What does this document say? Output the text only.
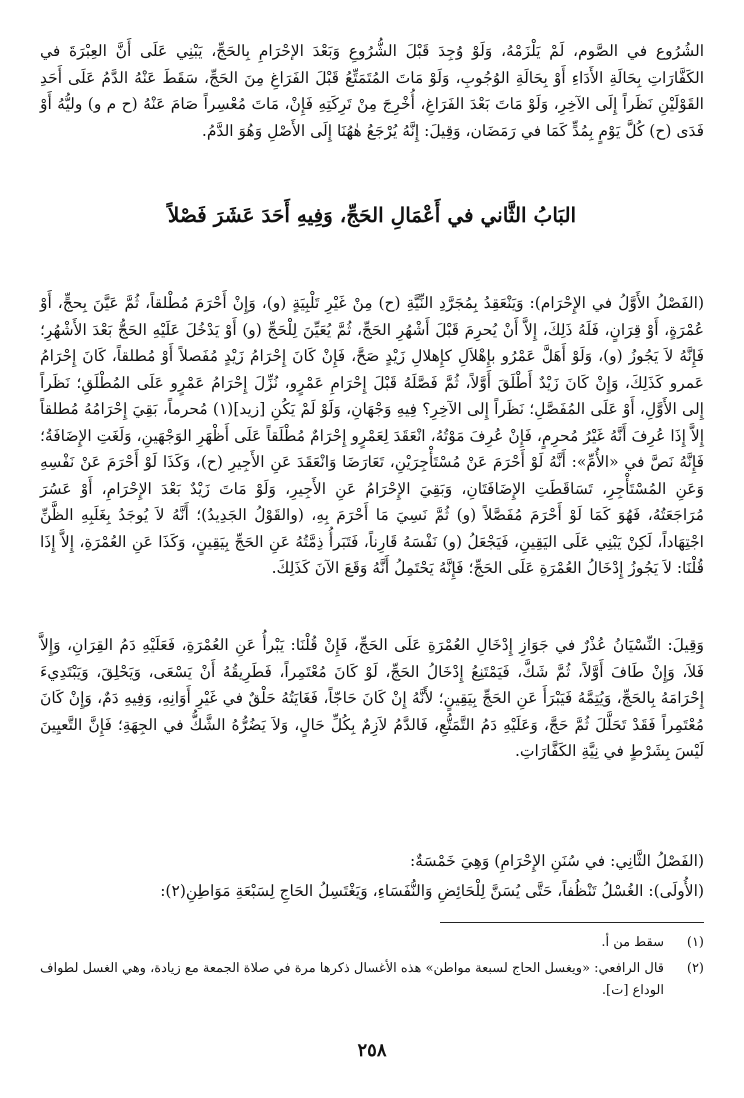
الشُرُوع في الصَّوم، لَمْ يَلْزَمْهُ، وَلَوْ وُجِدَ قَبْلَ الشُّرُوعِ وَبَعْدَ الإحْرَامِ بِالحَجِّ، يَبْنِي عَلَى أَنَّ العِبْرَةَ في الكَفَّارَاتِ بِحَالَةِ الأَدَاءِ أَوْ بِحَالَةِ الوُجُوبِ، وَلَوْ مَاتَ المُتَمَتِّعُ قَبْلَ الفَرَاغِ مِنَ الحَجِّ، سَقَطَ عَنْهُ الدَّمُ عَلَى أَحَدِ القَوْلَيْنِ نَظَراً إِلَى الآخِرِ، وَلَوْ مَاتَ بَعْدَ الفَرَاغِ، أُخْرِجَ مِنْ تَرِكَتِهِ فَإِنْ، مَاتَ مُعْسِراً صَامَ عَنْهُ (ح م و) وليُّهُ أَوْ فَدَى (ح) كُلَّ يَوْمٍ بِمُدٍّ كَمَا في رَمَضَان، وَقِيلَ: إِنَّهُ يُرْجَعُ هٰهُنَا إِلَى الأَصْلِ وَهُوَ الدَّمُ.

البَابُ الثَّاني في أَعْمَالِ الحَجِّ، وَفِيهِ أَحَدَ عَشَرَ فَصْلاً

(الفَصْلُ الأَوَّلُ في الإِحْرَام): وَيَنْعَقِدُ بِمُجَرَّدِ النِّيَّةِ (ح) مِنْ غَيْرِ تَلْبِيَةٍ (و)، وَإِنْ أَحْرَمَ مُطْلقاً، ثُمَّ عَيَّنَ بِحجٍّ، أَوْ عُمْرَةٍ، أَوْ قِرَانٍ، فَلَهُ ذَلِكَ، إِلاَّ أَنْ يُحرِمَ قَبْلَ أَشْهُرِ الحَجِّ، ثُمَّ يُعَيِّنَ لِلْحَجِّ (و) أَوْ يَدْخُلَ عَلَيْهِ الحَجُّ بَعْدَ الأَشْهُرِ؛ فَإِنَّهُ لاَ يَجُوزُ (و)، وَلَوْ أَهَلَّ عَمْرُو بإِهْلاَلِ كإِهلالِ زَيْدٍ صَحَّ، فَإِنْ كَانَ إِحْرَامُ زَيْدٍ مُفَصلاً أَوْ مُطلقاً، كَانَ إِحْرَامُ عَمرو كَذَلِكَ، وَإِنْ كَانَ زَيْدٌ أَطْلَقَ أَوَّلاً، ثُمَّ فَصَّلَهُ قَبْلَ إِحْرَامِ عَمْرٍو، نُزِّلَ إِحْرَامُ عَمْرٍو عَلَى المُطْلَقِ؛ نَظَراً إِلى الأَوَّلِ، أَوْ عَلَى المُفَصَّلِ؛ نَظَراً إِلى الآخِرِ؟ فِيهِ وَجْهَانِ، وَلَوْ لَمْ يَكُنِ [زيد](١) مُحرماً، بَقِيَ إِحْرَامُهُ مُطلقاً إِلاَّ إِذَا عُرِفَ أَنَّهُ غَيْرُ مُحرِمٍ، فَإِنْ عُرِفَ مَوْتُهُ، انْعَقَدَ لِعَمْرٍو إِحْرَامٌ مُطْلَقاً عَلَى أَظْهَرِ الوَجْهَينِ، وَلَغَتِ الإِضَافَةُ؛ فَإِنَّهُ نَصَّ في «الأُمِّ»: أَنَّهُ لَوْ أَحْرَمَ عَنْ مُسْتَأْجِرَيْنِ، تَعَارَضَا وَانْعَقَدَ عَنِ الأَجِيرِ (ح)، وَكَذَا لَوْ أَحْرَمَ عَنْ نَفْسِهِ وَعَنِ المُسْتَأْجِرِ، تَسَاقَطَتِ الإِضَافَتَانِ، وَبَقِيَ الإِحْرَامُ عَنِ الأَجِيرِ، وَلَوْ مَاتَ زَيْدٌ بَعْدَ الإِحْرَامِ، أَوْ عَسُرَ مُرَاجَعَتُهُ، فَهُوَ كَمَا لَوْ أَحْرَمَ مُفَصَّلاً (و) ثُمَّ نَسِيَ مَا أَحْرَمَ بِهِ، (والقَوْلُ الجَدِيدُ)؛ أَنَّهُ لاَ يُوجَدُ بِغَلَبِهِ الظَّنِّ اجْتِهَاداً، لَكِنْ يَبْنِي عَلَى اليَقِينِ، فَيَجْعَلُ (و) نَفْسَهُ قَارِناً، فَتَبَرأُ ذِمَّتُهُ عَنِ الحَجِّ بِيَقِينٍ، وَكَذَا عَنِ العُمْرَةِ، إِلاَّ إِذَا قُلْنَا: لاَ يَجُوزُ إِدْخَالُ العُمْرَةِ عَلَى الحَجِّ؛ فَإِنَّهُ يَحْتَمِلُ أَنَّهُ وَقَعَ الآنَ كَذَلِكَ.

وَقِيلَ: النِّسْيَانُ عُذْرٌ في جَوَازِ إِدْخَالِ العُمْرَةِ عَلَى الحَجِّ، فَإِنْ قُلْنَا: يَبْرأُ عَنِ العُمْرَةِ، فَعَلَيْهِ دَمُ القِرَانِ، وَإِلاَّ فَلاَ، وَإِنْ طَافَ أَوَّلاً، ثُمَّ شَكَّ، فَيَمْتَنِعُ إِدْخَالُ الحَجِّ، لَوْ كَانَ مُعْتَمِراً، فَطَرِيقُهُ أَنْ يَسْعَى، وَيَحْلِقَ، وَيَبْتَدِيءَ إِحْرَامَهُ بِالحَجِّ، وَيُتِمَّهُ فَيَبْرَأَ عَنِ الحَجِّ بِيَقِينٍ؛ لأَنَّهُ إِنْ كَانَ حَاجّاً، فَغَايَتُهُ حَلْقٌ في غَيْرِ أَوَانِهِ، وَفِيهِ دَمٌ، وَإِنْ كَانَ مُعْتَمِراً فَقَدْ تَحَلَّلَ ثُمَّ حَجَّ، وَعَلَيْهِ دَمُ التَّمَتُّعِ، فَالدَّمُ لاَزِمٌ بِكُلِّ حَالٍ، وَلاَ يَضُرُّهُ الشَّكُّ في الجِهَةِ؛ فَإِنَّ التَّعيِينَ لَيْسَ بِشَرْطٍ في نِيَّةِ الكَفَّارَاتِ.

(الفَصْلُ الثَّانِي: في سُنَنِ الإِحْرَامِ) وَهِيَ خَمْسَةٌ:

(الأُولَى): الغُسْلُ تَنْظُفاً، حَتَّى يُسَنَّ لِلْحَائِضِ وَالنُّفَسَاءِ، وَيَغْتَسِلُ الحَاجِ لِسَبْعَةِ مَوَاطِنِ(٢):

(١)
سقط من أ.
(٢)
قال الرافعي: «ويغسل الحاج لسبعة مواطن» هذه الأغسال ذكرها مرة في صلاة الجمعة مع زيادة، وهي الغسل لطواف الوداع [ت].

٢٥٨
